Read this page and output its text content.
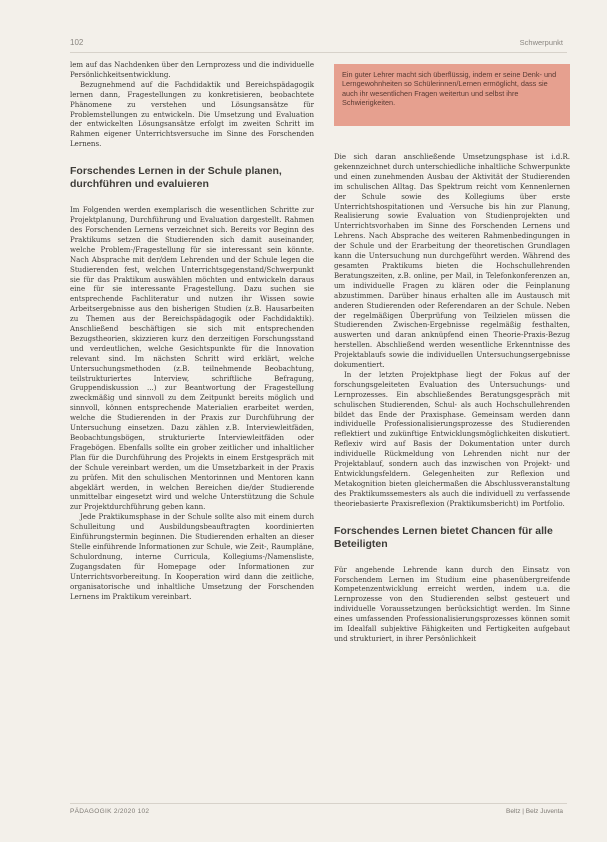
102	Schwerpunkt

lem auf das Nachdenken über den Lernprozess und die individuelle Persönlichkeitsentwicklung.

Bezugnehmend auf die Fachdidaktik und Bereichspädagogik lernen dann, Fragestellungen zu konkretisieren, beobachtete Phänomene zu verstehen und Lösungsansätze für Problemstellungen zu entwickeln. Die Umsetzung und Evaluation der entwickelten Lösungsansätze erfolgt im zweiten Schritt im Rahmen eigener Unterrichtsversuche im Sinne des Forschenden Lernens.

Forschendes Lernen in der Schule planen, durchführen und evaluieren

Im Folgenden werden exemplarisch die wesentlichen Schritte zur Projektplanung, Durchführung und Evaluation dargestellt. Rahmen des Forschenden Lernens verzeichnet sich. Bereits vor Beginn des Praktikums setzen die Studierenden sich damit auseinander, welche Problem-/Fragestellung für sie interessant sein könnte. Nach Absprache mit der/dem Lehrenden und der Schule legen die Studierenden fest, welchen Unterrichtsgegenstand/Schwerpunkt sie für das Praktikum auswählen möchten und entwickeln daraus eine für sie interessante Fragestellung. Dazu suchen sie entsprechende Fachliteratur und nutzen ihr Wissen sowie Arbeitsergebnisse aus den bisherigen Studien (z.B. Hausarbeiten zu Themen aus der Bereichspädagogik oder Fachdidaktik). Anschließend beschäftigen sie sich mit entsprechenden Bezugstheorien, skizzieren kurz den derzeitigen Forschungsstand und verdeutlichen, welche Gesichtspunkte für die Innovation relevant sind. Im nächsten Schritt wird erklärt, welche Untersuchungsmethoden (z.B. teilnehmende Beobachtung, teilstrukturiertes Interview, schriftliche Befragung, Gruppendiskussion ...) zur Beantwortung der Fragestellung zweckmäßig und sinnvoll zu dem Zeitpunkt bereits möglich und sinnvoll, können entsprechende Materialien erarbeitet werden, welche die Studierenden in der Praxis zur Durchführung der Untersuchung einsetzen. Dazu zählen z.B. Interviewleitfäden, Beobachtungsbögen, strukturierte Interviewleitfäden oder Fragebögen. Ebenfalls sollte ein grober zeitlicher und inhaltlicher Plan für die Durchführung des Projekts in einem Erstgespräch mit der Schule vereinbart werden, um die Umsetzbarkeit in der Praxis zu prüfen. Mit den schulischen Mentorinnen und Mentoren kann abgeklärt werden, in welchen Bereichen die/der Studierende unmittelbar eingesetzt wird und welche Unterstützung die Schule zur Projektdurchführung geben kann.

Jede Praktikumsphase in der Schule sollte also mit einem durch Schulleitung und Ausbildungsbeauftragten koordinierten Einführungstermin beginnen. Die Studierenden erhalten an dieser Stelle einführende Informationen zur Schule, wie Zeit-, Raumpläne, Schulordnung, interne Curricula, Kollegiums-/Namensliste, Zugangsdaten für Homepage oder Informationen zur Unterrichtsvorbereitung. In Kooperation wird dann die zeitliche, organisatorische und inhaltliche Umsetzung der Forschenden Lernens im Praktikum vereinbart.

Ein guter Lehrer macht sich überflüssig, indem er seine Denk- und Lerngewohnheiten so Schülerinnen/Lernen ermöglicht, dass sie auch ihr wesentlichen Fragen weitertun und selbst ihre Schwierigkeiten.

Die sich daran anschließende Umsetzungsphase ist i.d.R. gekennzeichnet durch unterschiedliche inhaltliche Schwerpunkte und einen zunehmenden Ausbau der Aktivität der Studierenden im schulischen Alltag. Das Spektrum reicht vom Kennenlernen der Schule sowie des Kollegiums über erste Unterrichtshospitationen und -Versuche bis hin zur Planung, Realisierung sowie Evaluation von Studienprojekten und Unterrichtsvorhaben im Sinne des Forschenden Lernens und Lehrens. Nach Absprache des weiteren Rahmenbedingungen in der Schule und der Erarbeitung der theoretischen Grundlagen kann die Untersuchung nun durchgeführt werden. Während des gesamten Praktikums bieten die Hochschullehrenden Beratungszeiten, z.B. online, per Mail, in Telefonkonferenzen an, um individuelle Fragen zu klären oder die Feinplanung abzustimmen. Darüber hinaus erhalten alle im Austausch mit anderen Studierenden oder Referendaren an der Schule. Neben der regelmäßigen Überprüfung von Teilzielen müssen die Studierenden Zwischen-Ergebnisse regelmäßig festhalten, auswerten und daran anknüpfend einen Theorie-Praxis-Bezug herstellen. Abschließend werden wesentliche Erkenntnisse des Projektablaufs sowie die individuellen Untersuchungsergebnisse dokumentiert.

In der letzten Projektphase liegt der Fokus auf der forschungsgeleiteten Evaluation des Untersuchungs- und Lernprozesses. Ein abschließendes Beratungsgespräch mit schulischen Studierenden, Schul- als auch Hochschullehrenden bildet das Ende der Praxisphase. Gemeinsam werden dann individuelle Professionalisierungsprozesse des Studierenden reflektiert und zukünftige Entwicklungsmöglichkeiten diskutiert. Reflexiv wird auf Basis der Dokumentation unter durch individuelle Rückmeldung von Lehrenden nicht nur der Projektablauf, sondern auch das inzwischen von Projekt- und Entwicklungsfeldern. Gelegenheiten zur Reflexion und Metakognition bieten gleichermaßen die Abschlussveranstaltung des Praktikumssemesters als auch die individuell zu verfassende theoriebasierte Praxisreflexion (Praktikumsbericht) im Portfolio.

Forschendes Lernen bietet Chancen für alle Beteiligten

Für angehende Lehrende kann durch den Einsatz von Forschendem Lernen im Studium eine phasenübergreifende Kompetenzentwicklung erreicht werden, indem u.a. die Lernprozesse von den Studierenden selbst gesteuert und individuelle Voraussetzungen berücksichtigt werden. Im Sinne eines umfassenden Professionalisierungsprozesses können somit im Idealfall subjektive Fähigkeiten und Fertigkeiten aufgebaut und strukturiert, in ihrer Persönlichkeit

PÄDAGOGIK 2/2020 102	Beltz | Belz Juventa
